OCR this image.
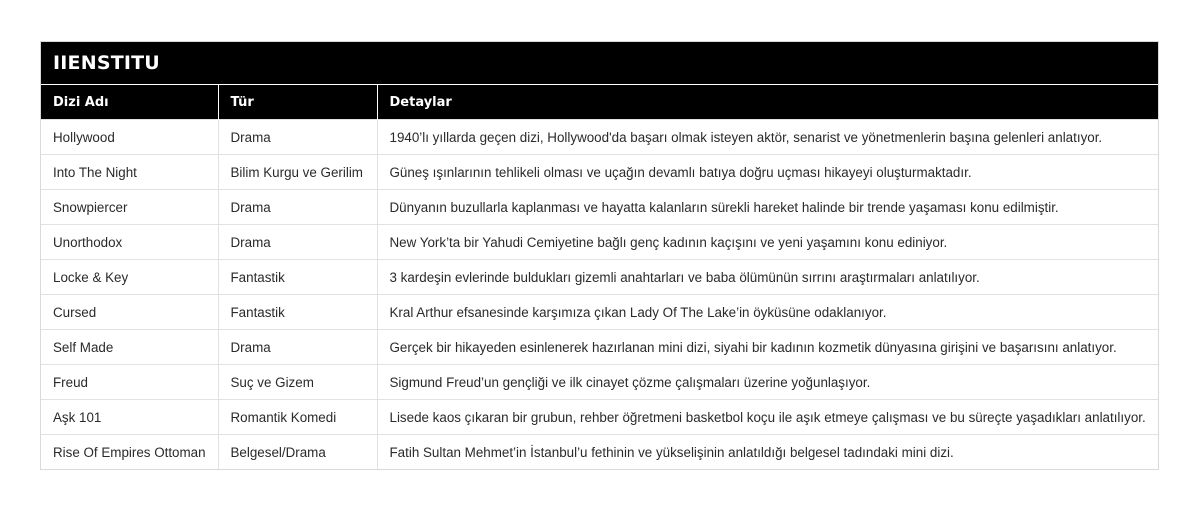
IIENSTITU
Dizi Adı	Tür	Detaylar
Hollywood	Drama	1940’lı yıllarda geçen dizi, Hollywood'da başarı olmak isteyen aktör, senarist ve yönetmenlerin başına gelenleri anlatıyor.
Into The Night	Bilim Kurgu ve Gerilim	Güneş ışınlarının tehlikeli olması ve uçağın devamlı batıya doğru uçması hikayeyi oluşturmaktadır.
Snowpiercer	Drama	Dünyanın buzullarla kaplanması ve hayatta kalanların sürekli hareket halinde bir trende yaşaması konu edilmiştir.
Unorthodox	Drama	New York’ta bir Yahudi Cemiyetine bağlı genç kadının kaçışını ve yeni yaşamını konu ediniyor.
Locke & Key	Fantastik	3 kardeşin evlerinde buldukları gizemli anahtarları ve baba ölümünün sırrını araştırmaları anlatılıyor.
Cursed	Fantastik	Kral Arthur efsanesinde karşımıza çıkan Lady Of The Lake’in öyküsüne odaklanıyor.
Self Made	Drama	Gerçek bir hikayeden esinlenerek hazırlanan mini dizi, siyahi bir kadının kozmetik dünyasına girişini ve başarısını anlatıyor.
Freud	Suç ve Gizem	Sigmund Freud’un gençliği ve ilk cinayet çözme çalışmaları üzerine yoğunlaşıyor.
Aşk 101	Romantik Komedi	Lisede kaos çıkaran bir grubun, rehber öğretmeni basketbol koçu ile aşık etmeye çalışması ve bu süreçte yaşadıkları anlatılıyor.
Rise Of Empires Ottoman	Belgesel/Drama	Fatih Sultan Mehmet’in İstanbul’u fethinin ve yükselişinin anlatıldığı belgesel tadındaki mini dizi.
